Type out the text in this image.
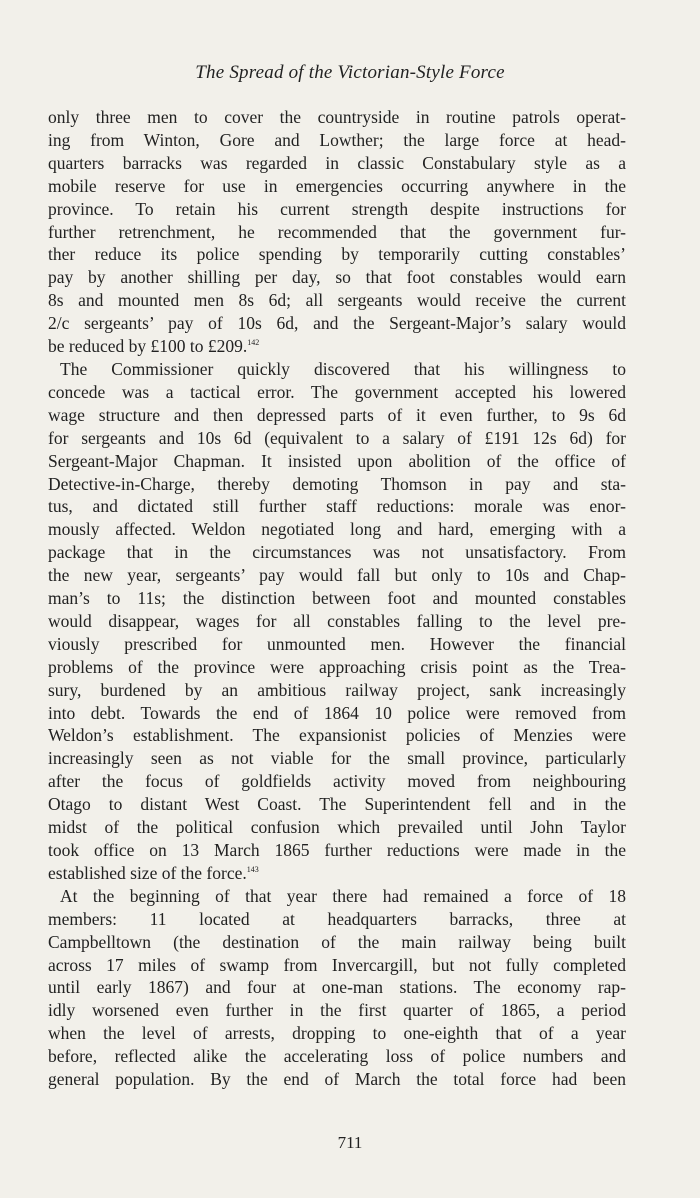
The Spread of the Victorian-Style Force

only three men to cover the countryside in routine patrols operat-
ing from Winton, Gore and Lowther; the large force at head-
quarters barracks was regarded in classic Constabulary style as a
mobile reserve for use in emergencies occurring anywhere in the
province. To retain his current strength despite instructions for
further retrenchment, he recommended that the government fur-
ther reduce its police spending by temporarily cutting constables’
pay by another shilling per day, so that foot constables would earn
8s and mounted men 8s 6d; all sergeants would receive the current
2/c sergeants’ pay of 10s 6d, and the Sergeant-Major’s salary would
be reduced by £100 to £209.$^{142}$

The Commissioner quickly discovered that his willingness to
concede was a tactical error. The government accepted his lowered
wage structure and then depressed parts of it even further, to 9s 6d
for sergeants and 10s 6d (equivalent to a salary of £191 12s 6d) for
Sergeant-Major Chapman. It insisted upon abolition of the office of
Detective-in-Charge, thereby demoting Thomson in pay and sta-
tus, and dictated still further staff reductions: morale was enor-
mously affected. Weldon negotiated long and hard, emerging with a
package that in the circumstances was not unsatisfactory. From
the new year, sergeants’ pay would fall but only to 10s and Chap-
man’s to 11s; the distinction between foot and mounted constables
would disappear, wages for all constables falling to the level pre-
viously prescribed for unmounted men. However the financial
problems of the province were approaching crisis point as the Trea-
sury, burdened by an ambitious railway project, sank increasingly
into debt. Towards the end of 1864 10 police were removed from
Weldon’s establishment. The expansionist policies of Menzies were
increasingly seen as not viable for the small province, particularly
after the focus of goldfields activity moved from neighbouring
Otago to distant West Coast. The Superintendent fell and in the
midst of the political confusion which prevailed until John Taylor
took office on 13 March 1865 further reductions were made in the
established size of the force.$^{143}$

At the beginning of that year there had remained a force of 18
members: 11 located at headquarters barracks, three at
Campbelltown (the destination of the main railway being built
across 17 miles of swamp from Invercargill, but not fully completed
until early 1867) and four at one-man stations. The economy rap-
idly worsened even further in the first quarter of 1865, a period
when the level of arrests, dropping to one-eighth that of a year
before, reflected alike the accelerating loss of police numbers and
general population. By the end of March the total force had been

711
